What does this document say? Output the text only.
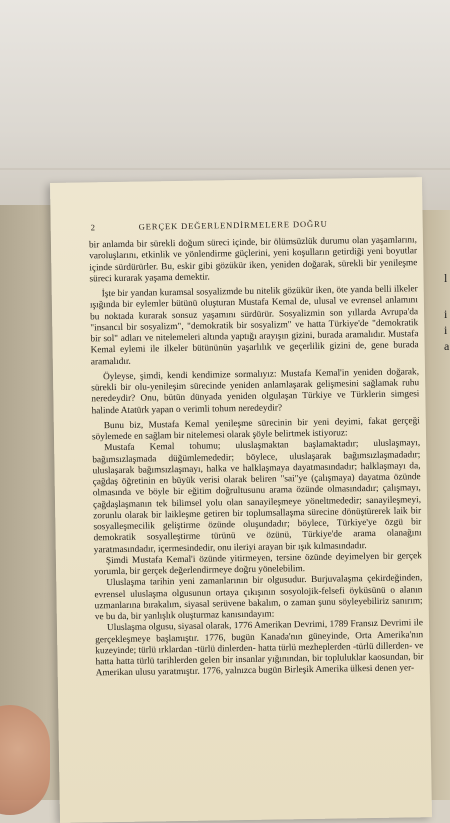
l
i
i
a
2	GERÇEK DEĞERLENDİRMELERE DOĞRU

bir anlamda bir sürekli doğum süreci içinde, bir ölümsüzlük durumu olan yaşamlarını, varoluşlarını, etkinlik ve yönlendirme güçlerini, yeni koşulların getirdiği yeni boyutlar içinde sürdürürler. Bu, eskir gibi gözükür iken, yeniden doğarak, sürekli bir yenileşme süreci kurarak yaşama demektir.

İşte bir yandan kuramsal sosyalizmde bu nitelik gözükür iken, öte yanda belli ilkeler ışığında bir eylemler bütünü oluşturan Mustafa Kemal de, ulusal ve evrensel anlamını bu noktada kurarak sonsuz yaşamını sürdürür. Sosyalizmin son yıllarda Avrupa'da "insancıl bir sosyalizm", "demokratik bir sosyalizm" ve hatta Türkiye'de "demokratik bir sol" adları ve nitelemeleri altında yaptığı arayışın gizini, burada aramalıdır. Mustafa Kemal eylemi ile ilkeler bütününün yaşarlılık ve geçerlilik gizini de, gene burada aramalıdır.

Öyleyse, şimdi, kendi kendimize sormalıyız: Mustafa Kemal'in yeniden doğarak, sürekli bir olu-yenileşim sürecinde yeniden anlamlaşarak gelişmesini sağlamak ruhu neredeydir? Onu, bütün dünyada yeniden olgulaşan Türkiye ve Türklerin simgesi halinde Atatürk yapan o verimli tohum neredeydir?

Bunu biz, Mustafa Kemal yenileşme sürecinin bir yeni deyimi, fakat gerçeği söylemede en sağlam bir nitelemesi olarak şöyle belirtmek istiyoruz:

Mustafa Kemal tohumu; uluslaşmaktan başlamaktadır; uluslaşmayı, bağımsızlaşmada düğümlemededir; böylece, uluslaşarak bağımsızlaşmadadır; uluslaşarak bağımsızlaşmayı, halka ve halklaşmaya dayatmasındadır; halklaşmayı da, çağdaş öğretinin en büyük verisi olarak beliren "sai"ye (çalışmaya) dayatma özünde olmasında ve böyle bir eğitim doğrultusunu arama özünde olmasındadır; çalışmayı, çağdaşlaşmanın tek bilimsel yolu olan sanayileşmeye yöneltmededir; sanayileşmeyi, zorunlu olarak bir laikleşme getiren bir toplumsallaşma sürecine dönüştürerek laik bir sosyalleşmecilik geliştirme özünde oluşundadır; böylece, Türkiye'ye özgü bir demokratik sosyalleştirme türünü ve özünü, Türkiye'de arama olanağını yaratmasındadır, içermesindedir, onu ileriyi arayan bir ışık kılmasındadır.

Şimdi Mustafa Kemal'i özünde yitirmeyen, tersine özünde deyimelyen bir gerçek yorumla, bir gerçek değerlendirmeye doğru yönelebilim.

Uluslaşma tarihin yeni zamanlarının bir olgusudur. Burjuvalaşma çekirdeğinden, evrensel uluslaşma olgusunun ortaya çıkışının sosyolojik-felsefi öyküsünü o alanın uzmanlarına bırakalım, siyasal serüvene bakalım, o zaman şunu söyleyebiliriz sanırım; ve bu da, bir yanlışlık oluşturmaz kanısındayım:

Uluslaşma olgusu, siyasal olarak, 1776 Amerikan Devrimi, 1789 Fransız Devrimi ile gerçekleşmeye başlamıştır. 1776, bugün Kanada'nın güneyinde, Orta Amerika'nın kuzeyinde; türlü ırklardan -türlü dinlerden- hatta türlü mezheplerden -türlü dillerden- ve hatta hatta türlü tarihlerden gelen bir insanlar yığınından, bir topluluklar kaosundan, bir Amerikan ulusu yaratmıştır. 1776, yalnızca bugün Birleşik Amerika ülkesi denen yer-
